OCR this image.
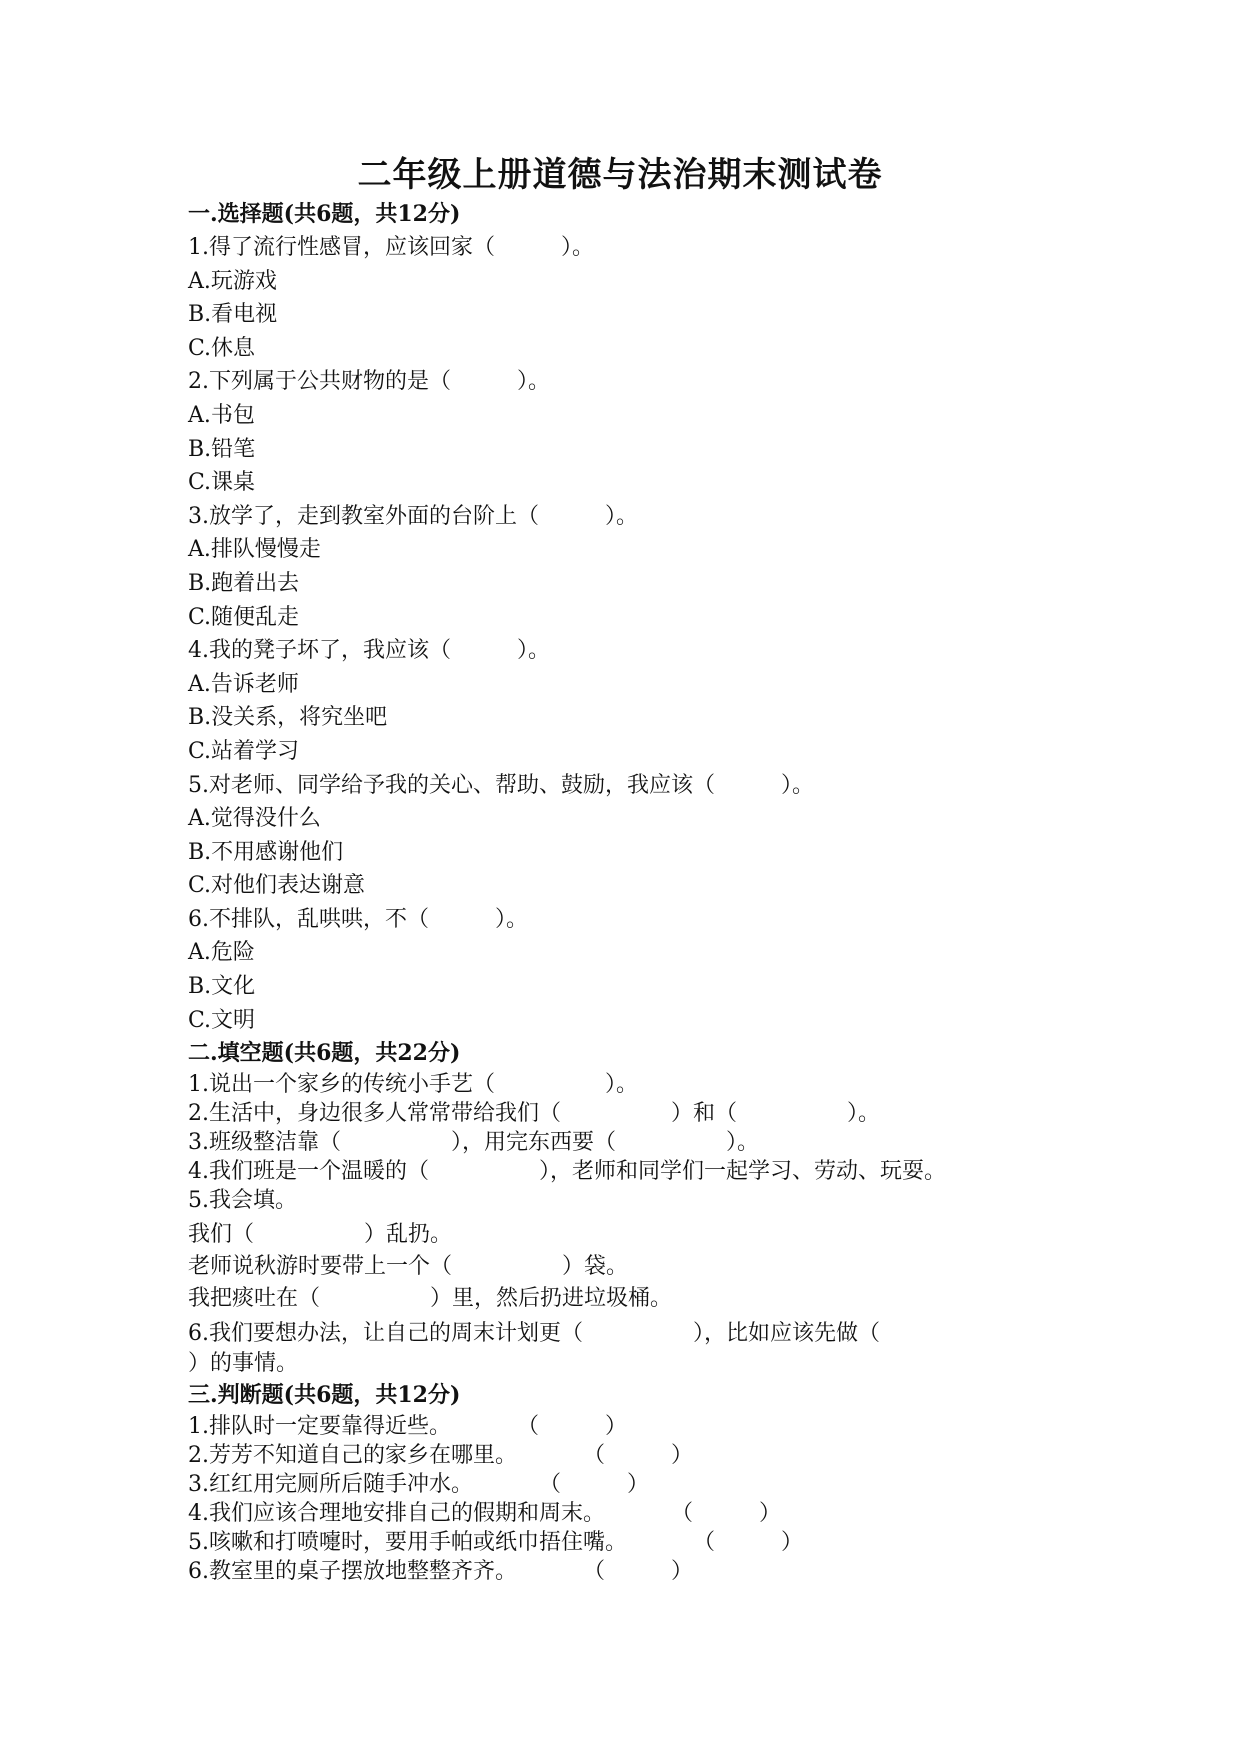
二年级上册道德与法治期末测试卷
一.选择题(共6题，共12分)
1.得了流行性感冒，应该回家（　　　）。
A.玩游戏
B.看电视
C.休息
2.下列属于公共财物的是（　　　）。
A.书包
B.铅笔
C.课桌
3.放学了，走到教室外面的台阶上（　　　）。
A.排队慢慢走
B.跑着出去
C.随便乱走
4.我的凳子坏了，我应该（　　　）。
A.告诉老师
B.没关系，将究坐吧
C.站着学习
5.对老师、同学给予我的关心、帮助、鼓励，我应该（　　　）。
A.觉得没什么
B.不用感谢他们
C.对他们表达谢意
6.不排队，乱哄哄，不（　　　）。
A.危险
B.文化
C.文明
二.填空题(共6题，共22分)
1.说出一个家乡的传统小手艺（　　　　　）。
2.生活中，身边很多人常常带给我们（　　　　　）和（　　　　　）。
3.班级整洁靠（　　　　　），用完东西要（　　　　　）。
4.我们班是一个温暖的（　　　　　），老师和同学们一起学习、劳动、玩耍。
5.我会填。
我们（　　　　　）乱扔。
老师说秋游时要带上一个（　　　　　）袋。
我把痰吐在（　　　　　）里，然后扔进垃圾桶。
6.我们要想办法，让自己的周末计划更（　　　　　），比如应该先做（
）的事情。
三.判断题(共6题，共12分)
1.排队时一定要靠得近些。　　　　（　　　）
2.芳芳不知道自己的家乡在哪里。　　　　（　　　）
3.红红用完厕所后随手冲水。　　　　（　　　）
4.我们应该合理地安排自己的假期和周末。　　　　（　　　）
5.咳嗽和打喷嚏时，要用手帕或纸巾捂住嘴。　　　　（　　　）
6.教室里的桌子摆放地整整齐齐。　　　　（　　　）
